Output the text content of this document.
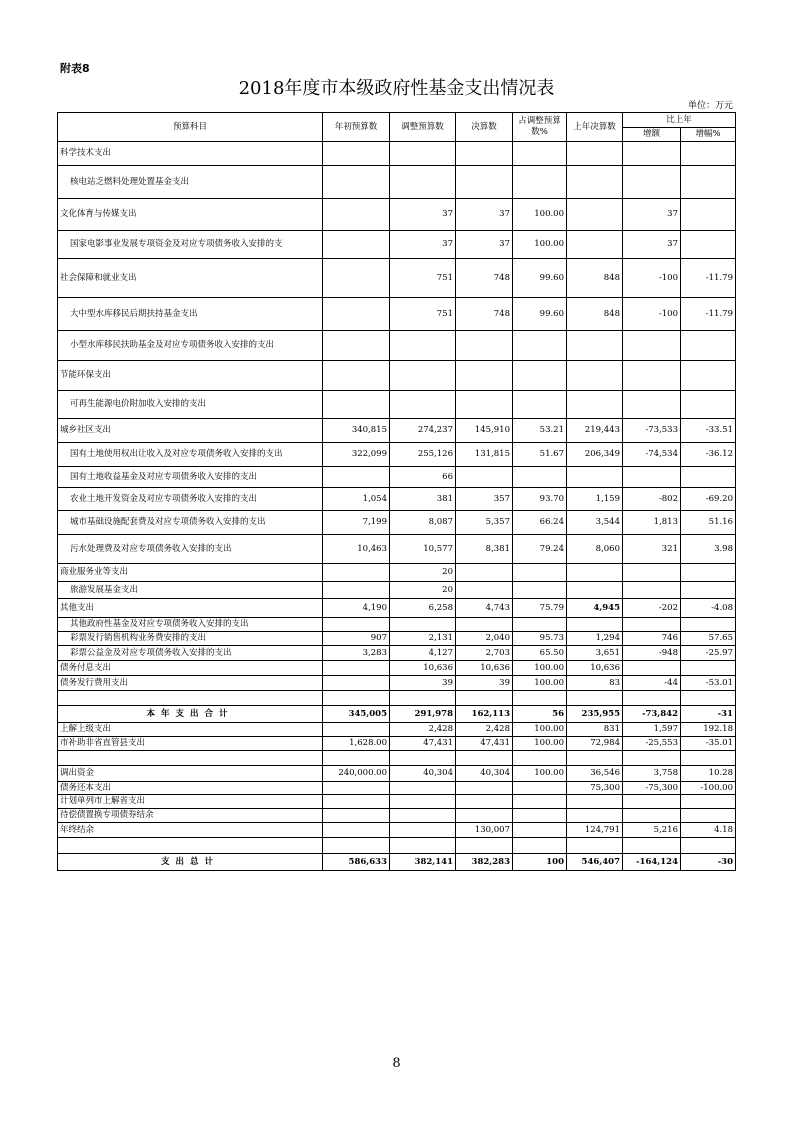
附表8
2018年度市本级政府性基金支出情况表
单位：万元
预算科目	年初预算数	调整预算数	决算数	占调整预算数%	上年决算数	比上年	
						增额	增幅%
科学技术支出							
核电站乏燃料处理处置基金支出							
文化体育与传媒支出		37	37	100.00		37	
国家电影事业发展专项资金及对应专项债务收入安排的支		37	37	100.00		37	
社会保障和就业支出		751	748	99.60	848	-100	-11.79
大中型水库移民后期扶持基金支出		751	748	99.60	848	-100	-11.79
小型水库移民扶助基金及对应专项债务收入安排的支出							
节能环保支出							
可再生能源电价附加收入安排的支出							
城乡社区支出	340,815	274,237	145,910	53.21	219,443	-73,533	-33.51
国有土地使用权出让收入及对应专项债务收入安排的支出	322,099	255,126	131,815	51.67	206,349	-74,534	-36.12
国有土地收益基金及对应专项债务收入安排的支出		66					
农业土地开发资金及对应专项债务收入安排的支出	1,054	381	357	93.70	1,159	-802	-69.20
城市基础设施配套费及对应专项债务收入安排的支出	7,199	8,087	5,357	66.24	3,544	1,813	51.16
污水处理费及对应专项债务收入安排的支出	10,463	10,577	8,381	79.24	8,060	321	3.98
商业服务业等支出		20					
旅游发展基金支出		20					
其他支出	4,190	6,258	4,743	75.79	4,945	-202	-4.08
其他政府性基金及对应专项债务收入安排的支出							
彩票发行销售机构业务费安排的支出	907	2,131	2,040	95.73	1,294	746	57.65
彩票公益金及对应专项债务收入安排的支出	3,283	4,127	2,703	65.50	3,651	-948	-25.97
债务付息支出		10,636	10,636	100.00	10,636		
债务发行费用支出		39	39	100.00	83	-44	-53.01

本年支出合计	345,005	291,978	162,113	56	235,955	-73,842	-31
上解上级支出		2,428	2,428	100.00	831	1,597	192.18
市补助非省直管县支出	1,628.00	47,431	47,431	100.00	72,984	-25,553	-35.01

调出资金	240,000.00	40,304	40,304	100.00	36,546	3,758	10.28
债务还本支出					75,300	-75,300	-100.00
计划单列市上解省支出							
待偿债置换专项债券结余							
年终结余			130,007		124,791	5,216	4.18

支出总计	586,633	382,141	382,283	100	546,407	-164,124	-30
8
